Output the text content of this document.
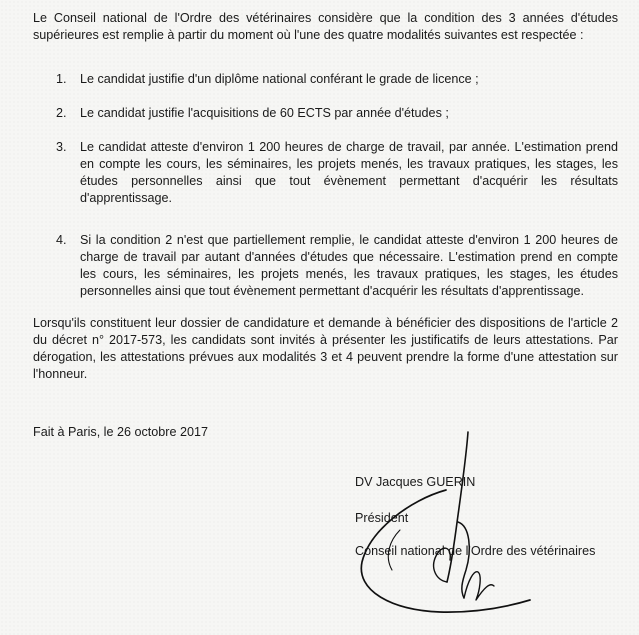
Le Conseil national de l'Ordre des vétérinaires considère que la condition des 3 années d'études supérieures est remplie à partir du moment où l'une des quatre modalités suivantes est respectée :

1.	Le candidat justifie d'un diplôme national conférant le grade de licence ;
2.	Le candidat justifie l'acquisitions de 60 ECTS par année d'études ;
3.	Le candidat atteste d'environ 1 200 heures de charge de travail, par année. L'estimation prend en compte les cours, les séminaires, les projets menés, les travaux pratiques, les stages, les études personnelles ainsi que tout évènement permettant d'acquérir les résultats d'apprentissage.
4.	Si la condition 2 n'est que partiellement remplie, le candidat atteste d'environ 1 200 heures de charge de travail par autant d'années d'études que nécessaire. L'estimation prend en compte les cours, les séminaires, les projets menés, les travaux pratiques, les stages, les études personnelles ainsi que tout évènement permettant d'acquérir les résultats d'apprentissage.

Lorsqu'ils constituent leur dossier de candidature et demande à bénéficier des dispositions de l'article 2 du décret n° 2017-573, les candidats sont invités à présenter les justificatifs de leurs attestations. Par dérogation, les attestations prévues aux modalités 3 et 4 peuvent prendre la forme d'une attestation sur l'honneur.

Fait à Paris, le 26 octobre 2017
DV Jacques GUERIN
Président
Conseil national de l'Ordre des vétérinaires
